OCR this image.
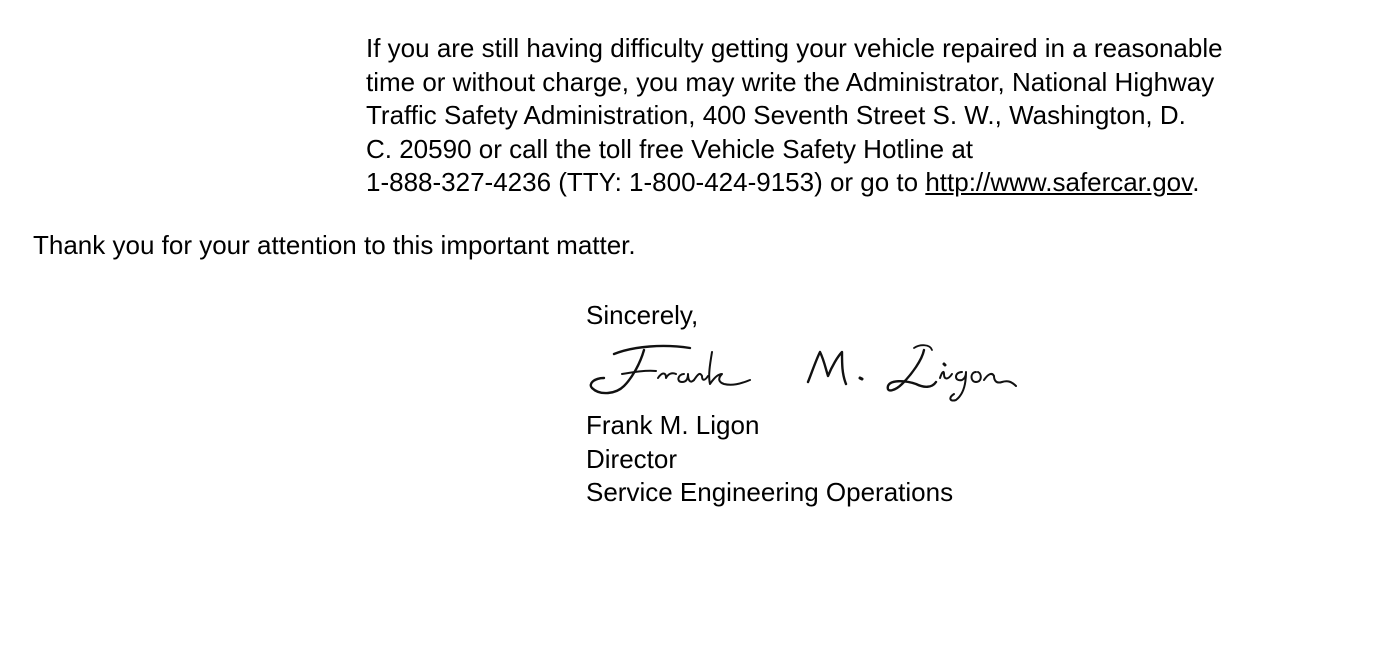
If you are still having difficulty getting your vehicle repaired in a reasonable
time or without charge, you may write the Administrator, National Highway
Traffic Safety Administration, 400 Seventh Street S. W., Washington, D.
C. 20590 or call the toll free Vehicle Safety Hotline at
1-888-327-4236 (TTY: 1-800-424-9153) or go to http://www.safercar.gov.

Thank you for your attention to this important matter.

Sincerely,

Frank M. Ligon
Director
Service Engineering Operations
